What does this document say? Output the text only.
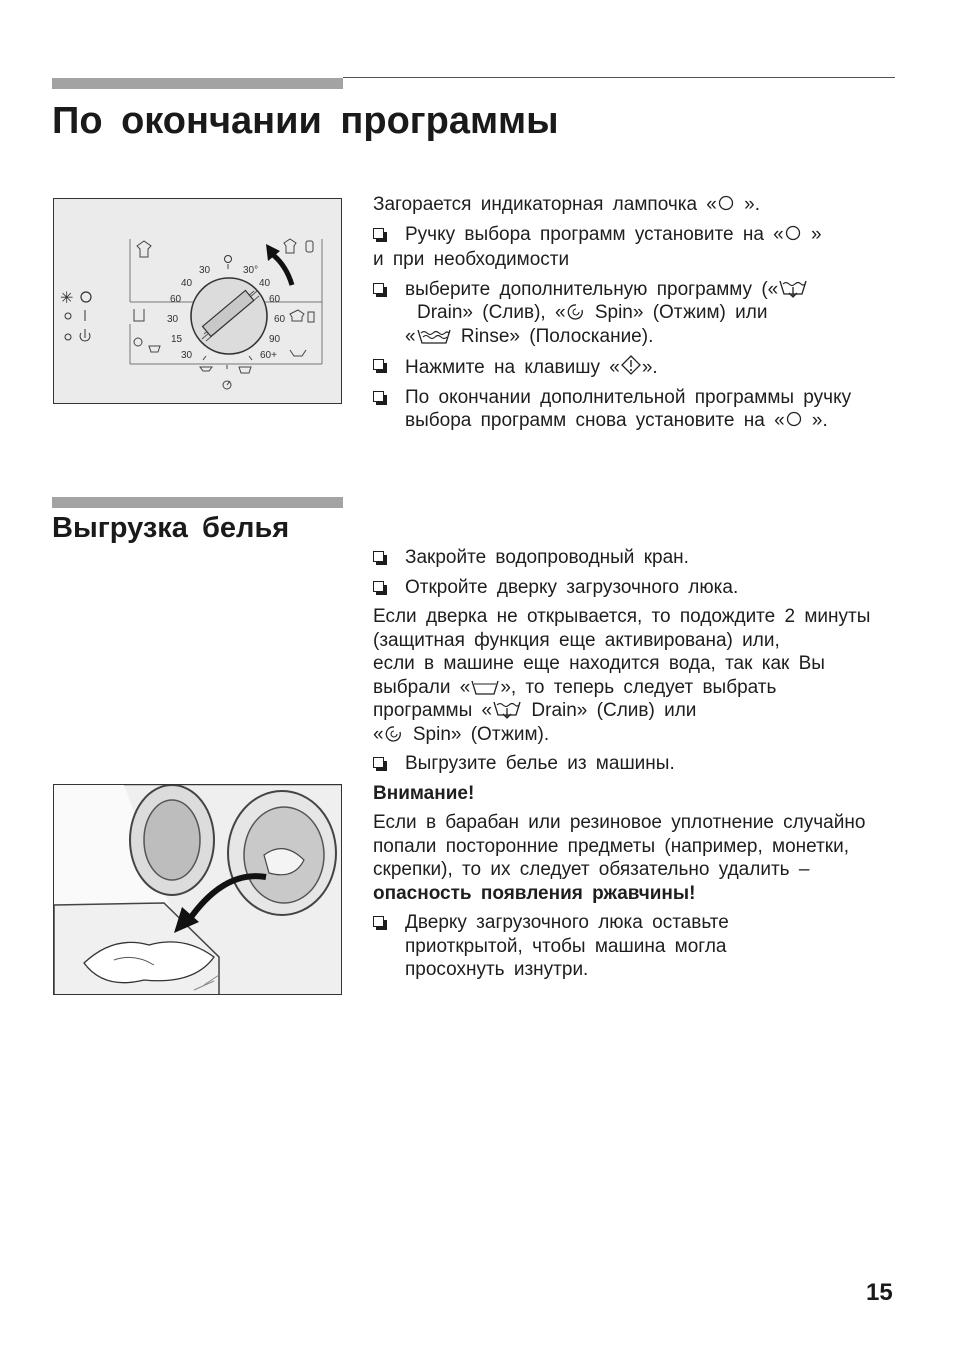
По окончании программы
✳
30	30°
40
60
30
15
30
40
60
60
90
60+

Загорается индикаторная лампочка « ».

Ручку выбора программ установите на « »

и при необходимости

выберите дополнительную программу («
Drain» (Слив), « Spin» (Отжим) или
« Rinse» (Полоскание).
Нажмите на клавишу « ».
По окончании дополнительной программы ручку выбора программ снова установите на « ».
Выгрузка белья
Закройте водопроводный кран.
Откройте дверку загрузочного люка.

Если дверка не открывается, то подождите 2 минуты (защитная функция еще активирована) или,

если в машине еще находится вода, так как Вы выбрали « », то теперь следует выбрать программы « Drain» (Слив) или
« Spin» (Отжим).

Выгрузите белье из машины.

Внимание!

Если в барабан или резиновое уплотнение случайно попали посторонние предметы (например, монетки, скрепки), то их следует обязательно удалить – опасность появления ржавчины!

Дверку загрузочного люка оставьте приоткрытой, чтобы машина могла просохнуть изнутри.
15
